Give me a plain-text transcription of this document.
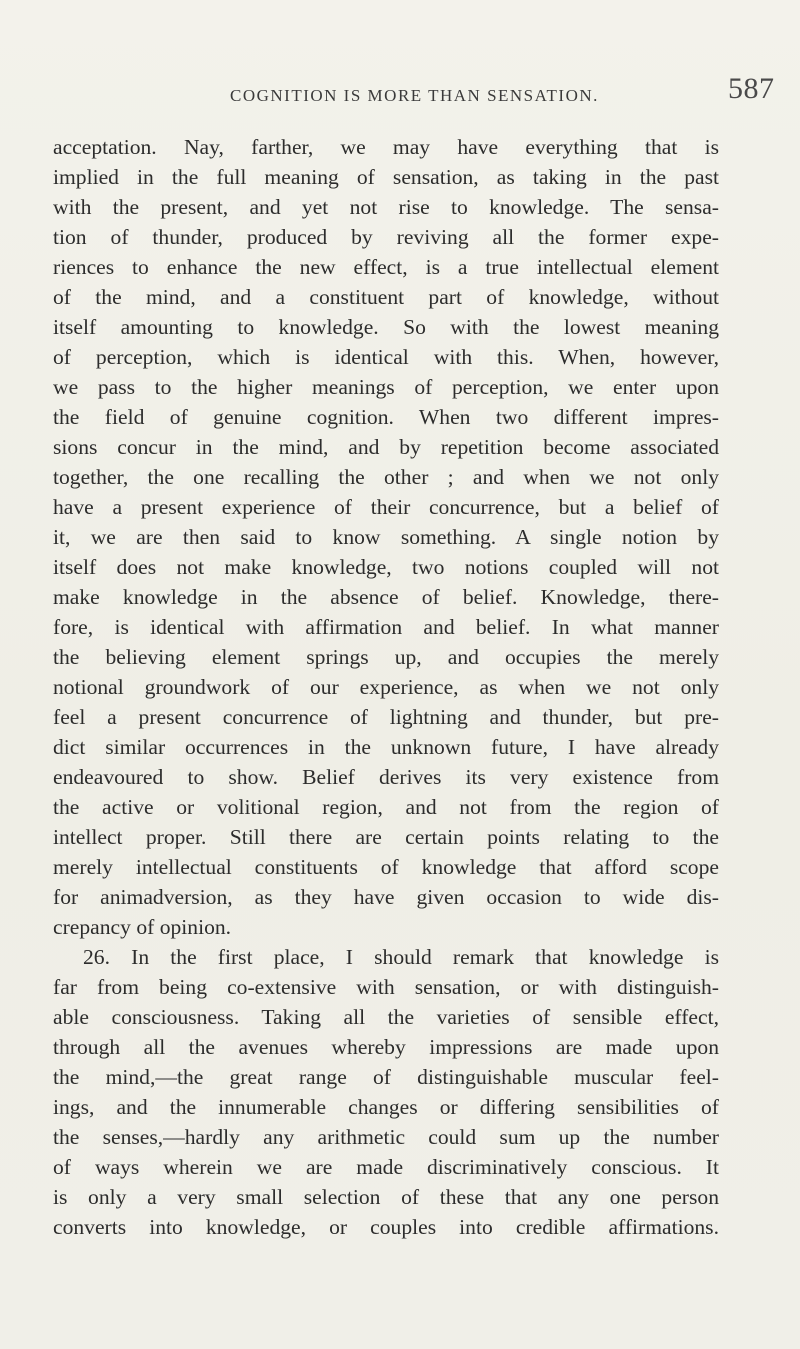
COGNITION IS MORE THAN SENSATION.	587
acceptation. Nay, farther, we may have everything that is
implied in the full meaning of sensation, as taking in the past
with the present, and yet not rise to knowledge. The sensa-
tion of thunder, produced by reviving all the former expe-
riences to enhance the new effect, is a true intellectual element
of the mind, and a constituent part of knowledge, without
itself amounting to knowledge. So with the lowest meaning
of perception, which is identical with this. When, however,
we pass to the higher meanings of perception, we enter upon
the field of genuine cognition. When two different impres-
sions concur in the mind, and by repetition become associated
together, the one recalling the other ; and when we not only
have a present experience of their concurrence, but a belief of
it, we are then said to know something. A single notion by
itself does not make knowledge, two notions coupled will not
make knowledge in the absence of belief. Knowledge, there-
fore, is identical with affirmation and belief. In what manner
the believing element springs up, and occupies the merely
notional groundwork of our experience, as when we not only
feel a present concurrence of lightning and thunder, but pre-
dict similar occurrences in the unknown future, I have already
endeavoured to show. Belief derives its very existence from
the active or volitional region, and not from the region of
intellect proper. Still there are certain points relating to the
merely intellectual constituents of knowledge that afford scope
for animadversion, as they have given occasion to wide dis-
crepancy of opinion.
26. In the first place, I should remark that knowledge is
far from being co-extensive with sensation, or with distinguish-
able consciousness. Taking all the varieties of sensible effect,
through all the avenues whereby impressions are made upon
the mind,—the great range of distinguishable muscular feel-
ings, and the innumerable changes or differing sensibilities of
the senses,—hardly any arithmetic could sum up the number
of ways wherein we are made discriminatively conscious. It
is only a very small selection of these that any one person
converts into knowledge, or couples into credible affirmations.
